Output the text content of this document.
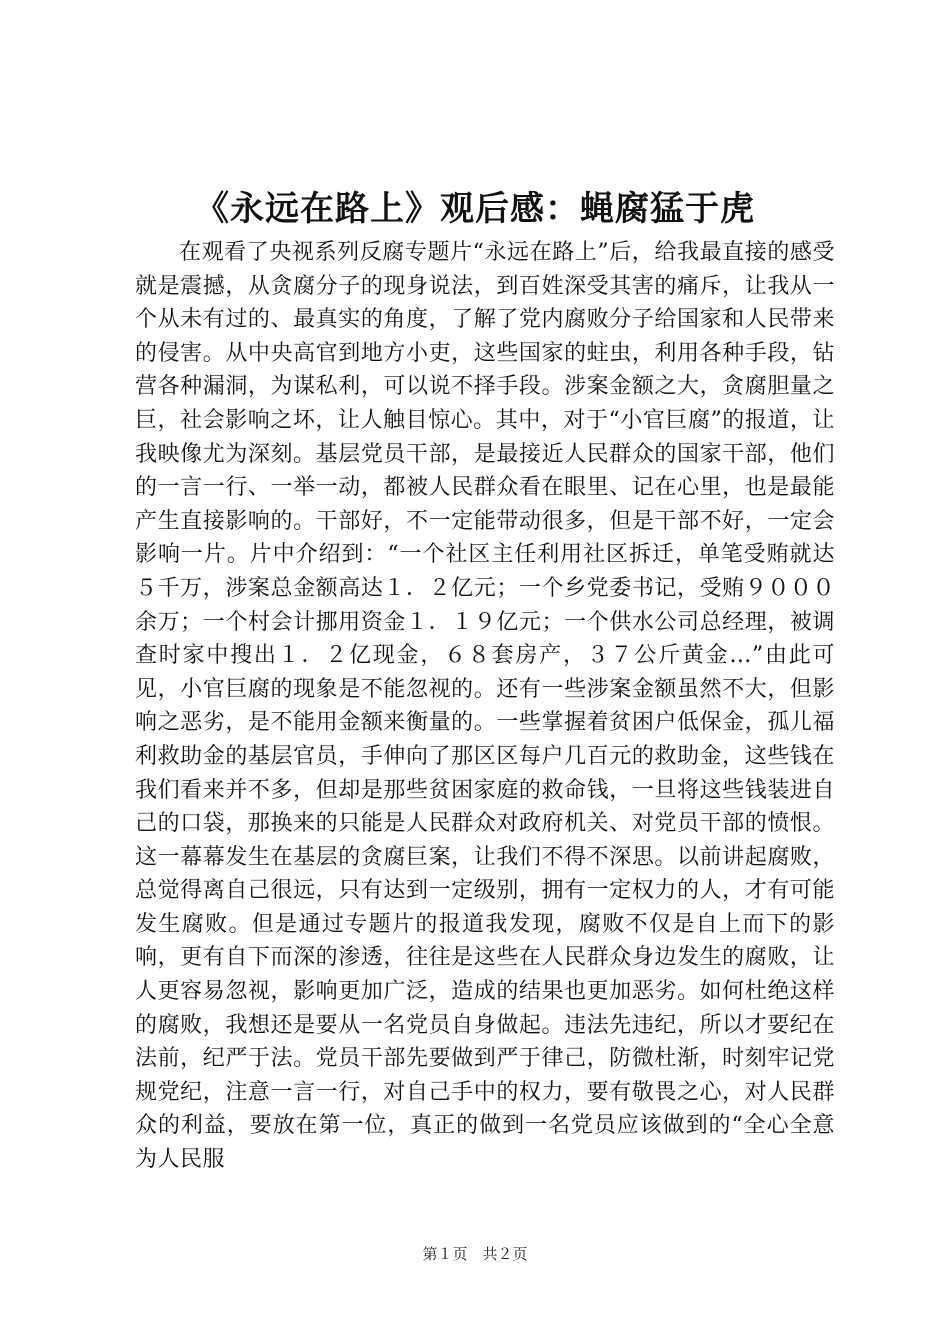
《永远在路上》观后感：蝇腐猛于虎

在观看了央视系列反腐专题片“永远在路上”后，给我最直接的感受就是震撼，从贪腐分子的现身说法，到百姓深受其害的痛斥，让我从一个从未有过的、最真实的角度，了解了党内腐败分子给国家和人民带来的侵害。从中央高官到地方小吏，这些国家的蛀虫，利用各种手段，钻营各种漏洞，为谋私利，可以说不择手段。涉案金额之大，贪腐胆量之巨，社会影响之坏，让人触目惊心。其中，对于“小官巨腐”的报道，让我映像尤为深刻。基层党员干部，是最接近人民群众的国家干部，他们的一言一行、一举一动，都被人民群众看在眼里、记在心里，也是最能产生直接影响的。干部好，不一定能带动很多，但是干部不好，一定会影响一片。片中介绍到：“一个社区主任利用社区拆迁，单笔受贿就达５千万，涉案总金额高达１．２亿元；一个乡党委书记，受贿９０００余万；一个村会计挪用资金１．１９亿元；一个供水公司总经理，被调查时家中搜出１．２亿现金，６８套房产，３７公斤黄金…”由此可见，小官巨腐的现象是不能忽视的。还有一些涉案金额虽然不大，但影响之恶劣，是不能用金额来衡量的。一些掌握着贫困户低保金，孤儿福利救助金的基层官员，手伸向了那区区每户几百元的救助金，这些钱在我们看来并不多，但却是那些贫困家庭的救命钱，一旦将这些钱装进自己的口袋，那换来的只能是人民群众对政府机关、对党员干部的愤恨。这一幕幕发生在基层的贪腐巨案，让我们不得不深思。以前讲起腐败，总觉得离自己很远，只有达到一定级别，拥有一定权力的人，才有可能发生腐败。但是通过专题片的报道我发现，腐败不仅是自上而下的影响，更有自下而深的渗透，往往是这些在人民群众身边发生的腐败，让人更容易忽视，影响更加广泛，造成的结果也更加恶劣。如何杜绝这样的腐败，我想还是要从一名党员自身做起。违法先违纪，所以才要纪在法前，纪严于法。党员干部先要做到严于律己，防微杜渐，时刻牢记党规党纪，注意一言一行，对自己手中的权力，要有敬畏之心，对人民群众的利益，要放在第一位，真正的做到一名党员应该做到的“全心全意为人民服

第１页　共２页
